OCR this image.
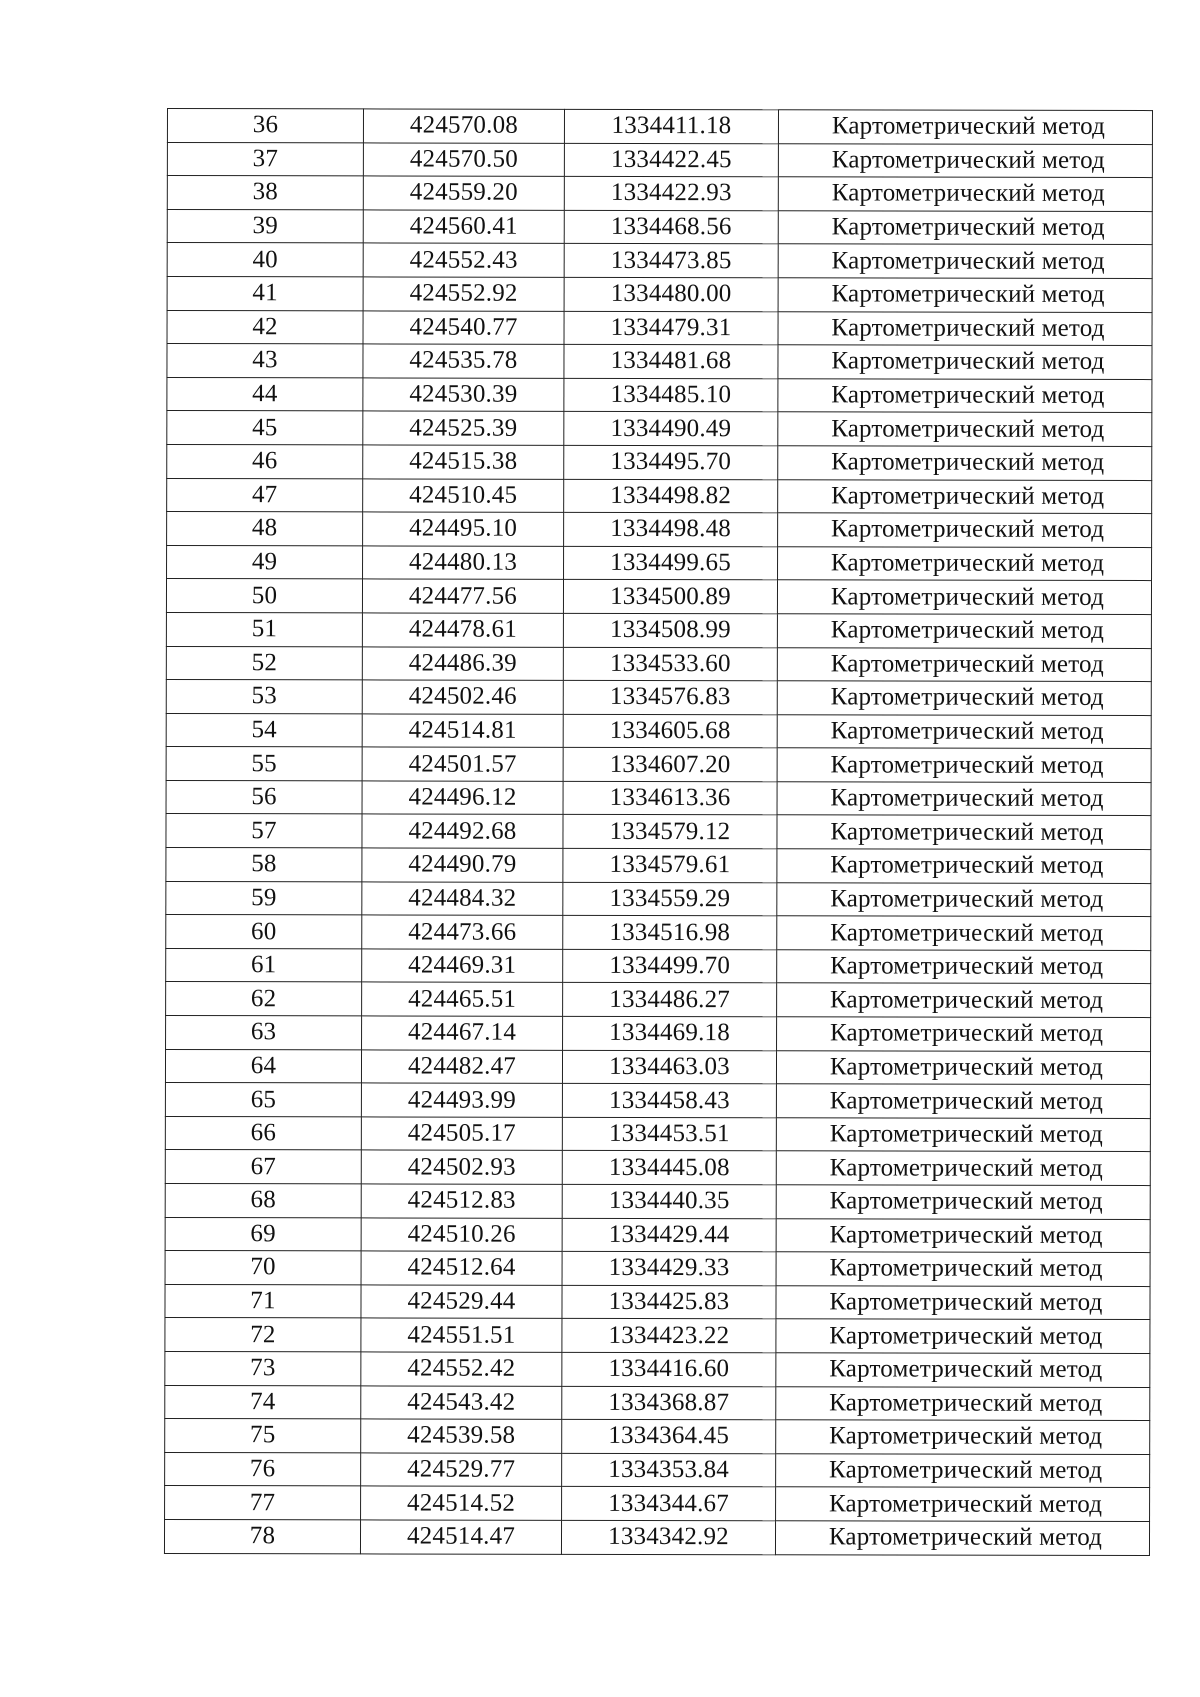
36	424570.08	1334411.18	Картометрический метод
37	424570.50	1334422.45	Картометрический метод
38	424559.20	1334422.93	Картометрический метод
39	424560.41	1334468.56	Картометрический метод
40	424552.43	1334473.85	Картометрический метод
41	424552.92	1334480.00	Картометрический метод
42	424540.77	1334479.31	Картометрический метод
43	424535.78	1334481.68	Картометрический метод
44	424530.39	1334485.10	Картометрический метод
45	424525.39	1334490.49	Картометрический метод
46	424515.38	1334495.70	Картометрический метод
47	424510.45	1334498.82	Картометрический метод
48	424495.10	1334498.48	Картометрический метод
49	424480.13	1334499.65	Картометрический метод
50	424477.56	1334500.89	Картометрический метод
51	424478.61	1334508.99	Картометрический метод
52	424486.39	1334533.60	Картометрический метод
53	424502.46	1334576.83	Картометрический метод
54	424514.81	1334605.68	Картометрический метод
55	424501.57	1334607.20	Картометрический метод
56	424496.12	1334613.36	Картометрический метод
57	424492.68	1334579.12	Картометрический метод
58	424490.79	1334579.61	Картометрический метод
59	424484.32	1334559.29	Картометрический метод
60	424473.66	1334516.98	Картометрический метод
61	424469.31	1334499.70	Картометрический метод
62	424465.51	1334486.27	Картометрический метод
63	424467.14	1334469.18	Картометрический метод
64	424482.47	1334463.03	Картометрический метод
65	424493.99	1334458.43	Картометрический метод
66	424505.17	1334453.51	Картометрический метод
67	424502.93	1334445.08	Картометрический метод
68	424512.83	1334440.35	Картометрический метод
69	424510.26	1334429.44	Картометрический метод
70	424512.64	1334429.33	Картометрический метод
71	424529.44	1334425.83	Картометрический метод
72	424551.51	1334423.22	Картометрический метод
73	424552.42	1334416.60	Картометрический метод
74	424543.42	1334368.87	Картометрический метод
75	424539.58	1334364.45	Картометрический метод
76	424529.77	1334353.84	Картометрический метод
77	424514.52	1334344.67	Картометрический метод
78	424514.47	1334342.92	Картометрический метод
